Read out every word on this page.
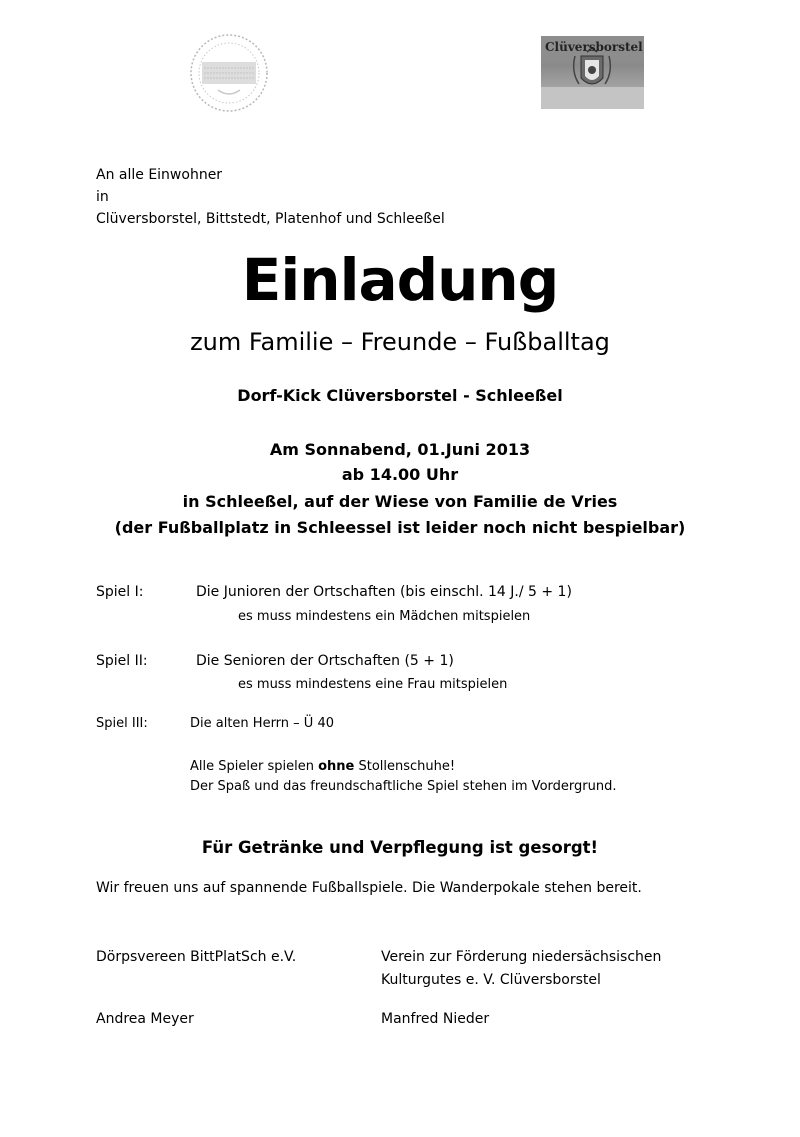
Clüversborstel
An alle Einwohner
in
Clüversborstel, Bittstedt, Platenhof und Schleeßel
Einladung
zum Familie – Freunde – Fußballtag
Dorf-Kick Clüversborstel - Schleeßel
Am Sonnabend, 01.Juni 2013
ab 14.00 Uhr
in Schleeßel, auf der Wiese von Familie de Vries
(der Fußballplatz in Schleessel ist leider noch nicht bespielbar)
Spiel I:	Die Junioren der Ortschaften (bis einschl. 14 J./ 5 + 1)
es muss mindestens ein Mädchen mitspielen
Spiel II:	Die Senioren der Ortschaften (5 + 1)
es muss mindestens eine Frau mitspielen
Spiel III:	Die alten Herrn – Ü 40
Alle Spieler spielen ohne Stollenschuhe!
Der Spaß und das freundschaftliche Spiel stehen im Vordergrund.
Für Getränke und Verpflegung ist gesorgt!
Wir freuen uns auf spannende Fußballspiele. Die Wanderpokale stehen bereit.
Dörpsvereen BittPlatSch e.V.	Verein zur Förderung niedersächsischen
Kulturgutes e. V. Clüversborstel
Andrea Meyer	Manfred Nieder
